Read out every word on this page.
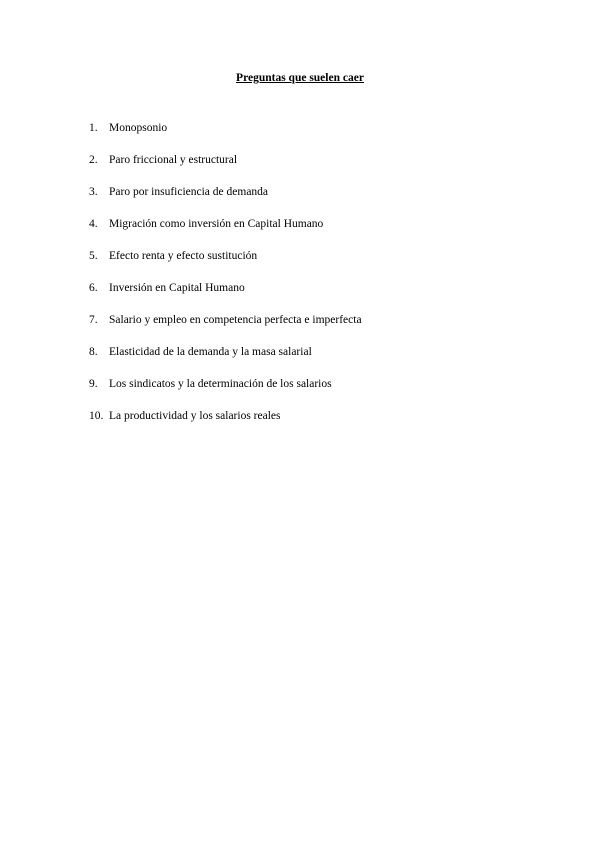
Preguntas que suelen caer
1. Monopsonio
2. Paro friccional y estructural
3. Paro por insuficiencia de demanda
4. Migración como inversión en Capital Humano
5. Efecto renta y efecto sustitución
6. Inversión en Capital Humano
7. Salario y empleo en competencia perfecta e imperfecta
8. Elasticidad de la demanda y la masa salarial
9. Los sindicatos y la determinación de los salarios
10. La productividad y los salarios reales
